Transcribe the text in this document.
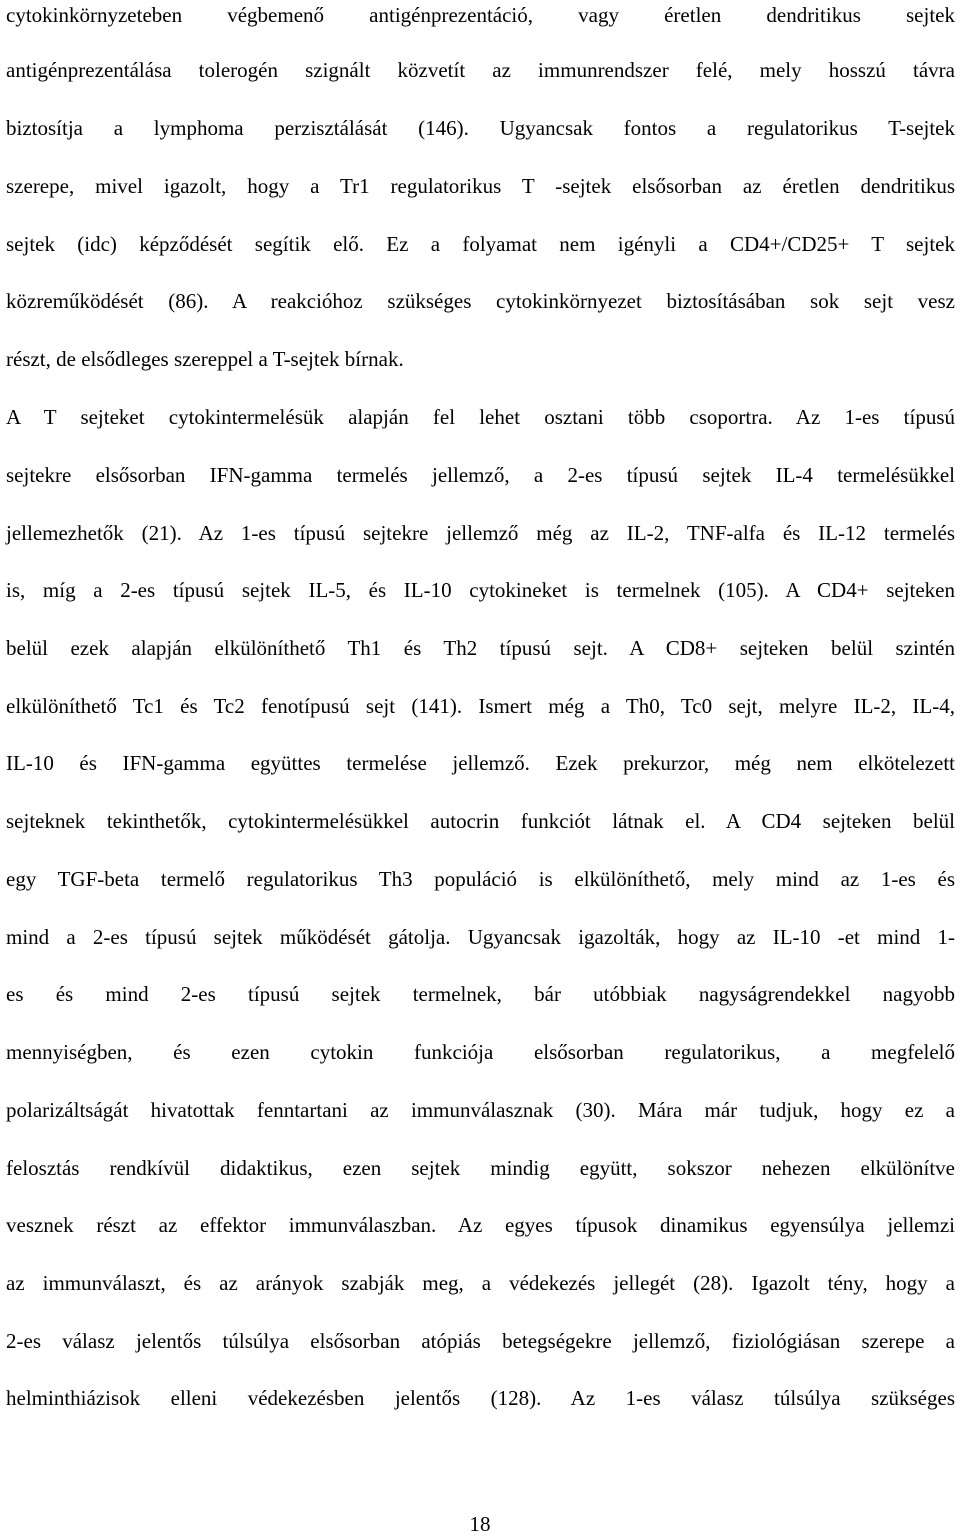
cytokinkörnyzeteben végbemenő antigénprezentáció, vagy éretlen dendritikus sejtek
antigénprezentálása tolerogén szignált közvetít az immunrendszer felé, mely hosszú távra
biztosítja a lymphoma perzisztálását (146). Ugyancsak fontos a regulatorikus T-sejtek
szerepe, mivel igazolt, hogy a Tr1 regulatorikus T -sejtek elsősorban az éretlen dendritikus
sejtek (idc) képződését segítik elő. Ez a folyamat nem igényli a CD4+/CD25+ T sejtek
közreműködését (86). A reakcióhoz szükséges cytokinkörnyezet biztosításában sok sejt vesz
részt, de elsődleges szereppel a T-sejtek bírnak.
A T sejteket cytokintermelésük alapján fel lehet osztani több csoportra. Az 1-es típusú
sejtekre elsősorban IFN-gamma termelés jellemző, a 2-es típusú sejtek IL-4 termelésükkel
jellemezhetők (21). Az 1-es típusú sejtekre jellemző még az IL-2, TNF-alfa és IL-12 termelés
is, míg a 2-es típusú sejtek IL-5, és IL-10 cytokineket is termelnek (105). A CD4+ sejteken
belül ezek alapján elkülöníthető Th1 és Th2 típusú sejt. A CD8+ sejteken belül szintén
elkülöníthető Tc1 és Tc2 fenotípusú sejt (141). Ismert még a Th0, Tc0 sejt, melyre IL-2, IL-4,
IL-10 és IFN-gamma együttes termelése jellemző. Ezek prekurzor, még nem elkötelezett
sejteknek tekinthetők, cytokintermelésükkel autocrin funkciót látnak el. A CD4 sejteken belül
egy TGF-beta termelő regulatorikus Th3 populáció is elkülöníthető, mely mind az 1-es és
mind a 2-es típusú sejtek működését gátolja. Ugyancsak igazolták, hogy az IL-10 -et mind 1-
es és mind 2-es típusú sejtek termelnek, bár utóbbiak nagyságrendekkel nagyobb
mennyiségben, és ezen cytokin funkciója elsősorban regulatorikus, a megfelelő
polarizáltságát hivatottak fenntartani az immunválasznak (30). Mára már tudjuk, hogy ez a
felosztás rendkívül didaktikus, ezen sejtek mindig együtt, sokszor nehezen elkülönítve
vesznek részt az effektor immunválaszban. Az egyes típusok dinamikus egyensúlya jellemzi
az immunválaszt, és az arányok szabják meg, a védekezés jellegét (28). Igazolt tény, hogy a
2-es válasz jelentős túlsúlya elsősorban atópiás betegségekre jellemző, fiziológiásan szerepe a
helminthiázisok elleni védekezésben jelentős (128). Az 1-es válasz túlsúlya szükséges
18
